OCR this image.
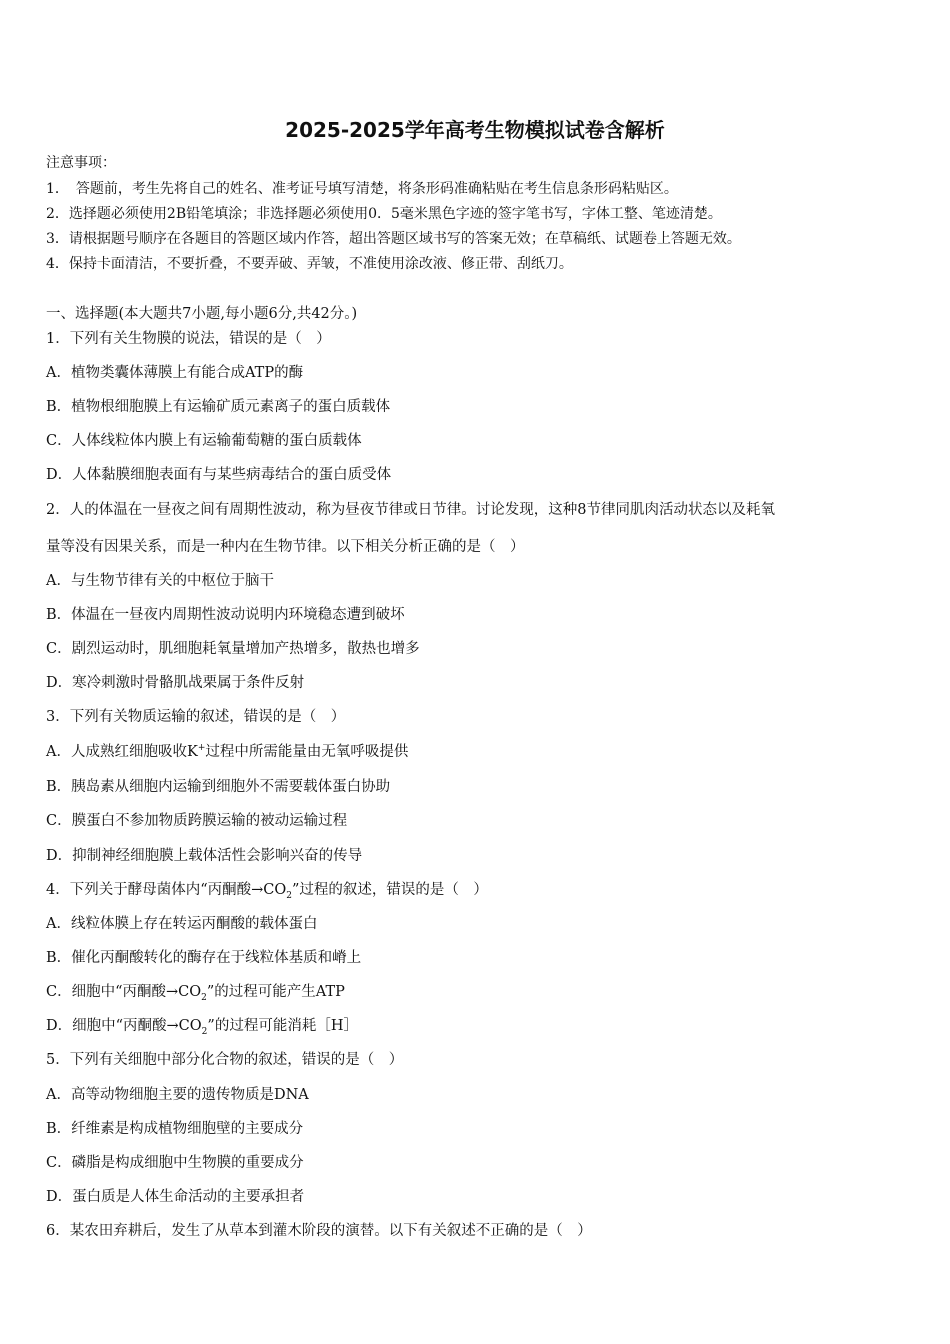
2025-2025学年高考生物模拟试卷含解析
注意事项：
1．　答题前，考生先将自己的姓名、准考证号填写清楚，将条形码准确粘贴在考生信息条形码粘贴区。
2．选择题必须使用2B铅笔填涂；非选择题必须使用0．5毫米黑色字迹的签字笔书写，字体工整、笔迹清楚。
3．请根据题号顺序在各题目的答题区域内作答，超出答题区域书写的答案无效；在草稿纸、试题卷上答题无效。
4．保持卡面清洁，不要折叠，不要弄破、弄皱，不准使用涂改液、修正带、刮纸刀。
一、选择题(本大题共7小题,每小题6分,共42分。)
1．下列有关生物膜的说法，错误的是（　）
A．植物类囊体薄膜上有能合成ATP的酶
B．植物根细胞膜上有运输矿质元素离子的蛋白质载体
C．人体线粒体内膜上有运输葡萄糖的蛋白质载体
D．人体黏膜细胞表面有与某些病毒结合的蛋白质受体
2．人的体温在一昼夜之间有周期性波动，称为昼夜节律或日节律。讨论发现，这种8节律同肌肉活动状态以及耗氧
量等没有因果关系，而是一种内在生物节律。以下相关分析正确的是（　）
A．与生物节律有关的中枢位于脑干
B．体温在一昼夜内周期性波动说明内环境稳态遭到破坏
C．剧烈运动时，肌细胞耗氧量增加产热增多，散热也增多
D．寒冷刺激时骨骼肌战栗属于条件反射
3．下列有关物质运输的叙述，错误的是（　）
A．人成熟红细胞吸收K+过程中所需能量由无氧呼吸提供
B．胰岛素从细胞内运输到细胞外不需要载体蛋白协助
C．膜蛋白不参加物质跨膜运输的被动运输过程
D．抑制神经细胞膜上载体活性会影响兴奋的传导
4．下列关于酵母菌体内“丙酮酸$\to CO_2$”过程的叙述，错误的是（　）
A．线粒体膜上存在转运丙酮酸的载体蛋白
B．催化丙酮酸转化的酶存在于线粒体基质和嵴上
C．细胞中“丙酮酸$\to CO_2$”的过程可能产生ATP
D．细胞中“丙酮酸$\to CO_2$”的过程可能消耗［H］
5．下列有关细胞中部分化合物的叙述，错误的是（　）
A．高等动物细胞主要的遗传物质是DNA
B．纤维素是构成植物细胞壁的主要成分
C．磷脂是构成细胞中生物膜的重要成分
D．蛋白质是人体生命活动的主要承担者
6．某农田弃耕后，发生了从草本到灌木阶段的演替。以下有关叙述不正确的是（　）
